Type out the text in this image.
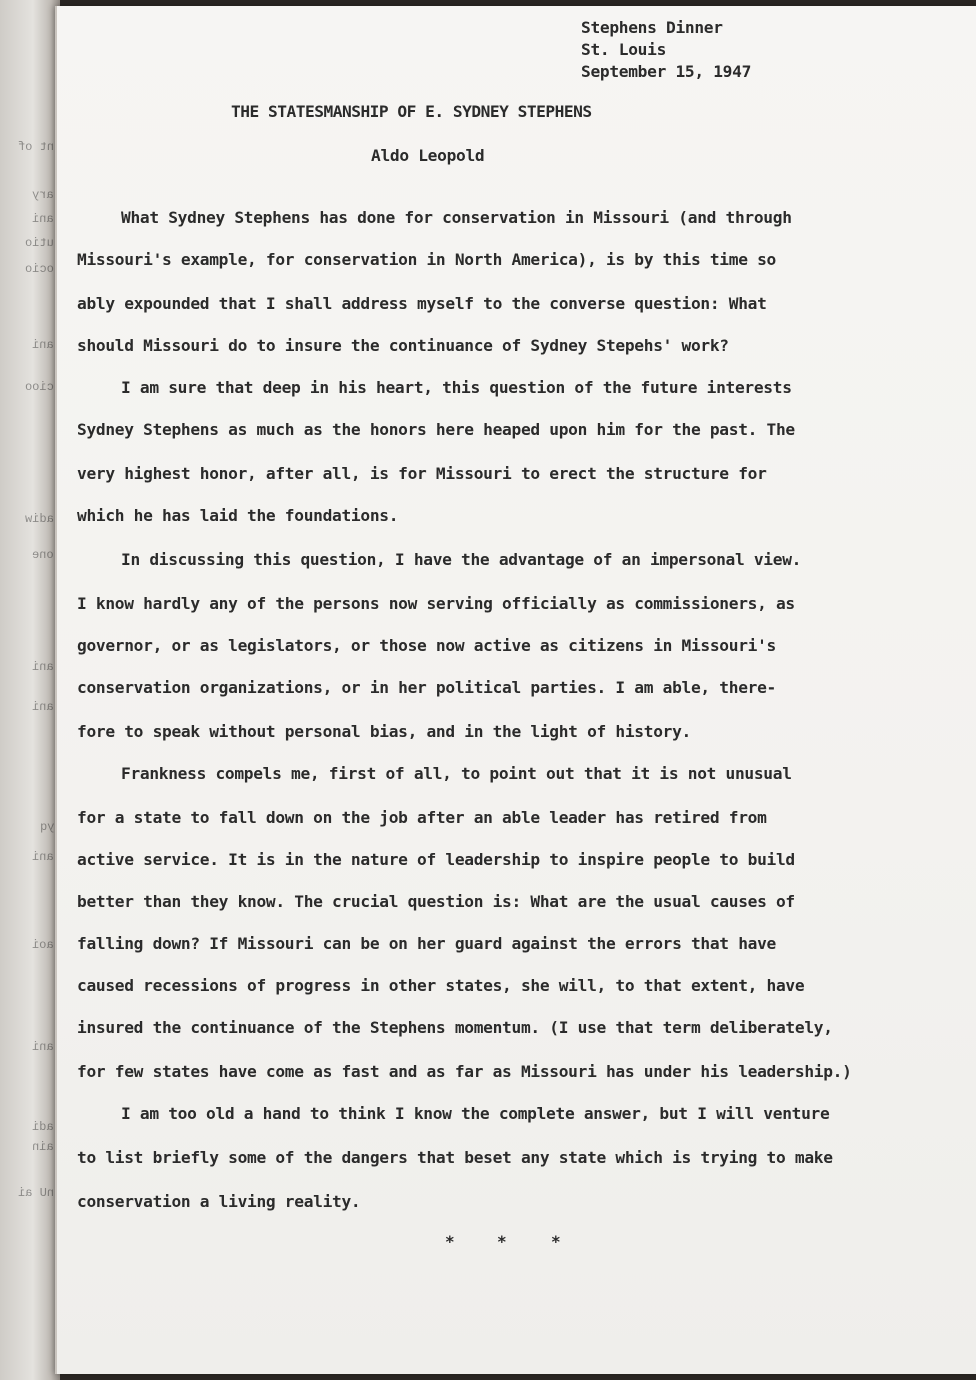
nt of
ary
ani
utio
ocio
ani
cioo
adiw
one
ani
ani
yq
ani
aoi
ani
adi
ain
nU ai
Stephens Dinner
St. Louis
September 15, 1947
THE STATESMANSHIP OF E. SYDNEY STEPHENS
Aldo Leopold
What Sydney Stephens has done for conservation in Missouri (and through
Missouri's example, for conservation in North America), is by this time so
ably expounded that I shall address myself to the converse question: What
should Missouri do to insure the continuance of Sydney Stepehs' work?
I am sure that deep in his heart, this question of the future interests
Sydney Stephens as much as the honors here heaped upon him for the past. The
very highest honor, after all, is for Missouri to erect the structure for
which he has laid the foundations.
In discussing this question, I have the advantage of an impersonal view.
I know hardly any of the persons now serving officially as commissioners, as
governor, or as legislators, or those now active as citizens in Missouri's
conservation organizations, or in her political parties. I am able, there-
fore to speak without personal bias, and in the light of history.
Frankness compels me, first of all, to point out that it is not unusual
for a state to fall down on the job after an able leader has retired from
active service. It is in the nature of leadership to inspire people to build
better than they know. The crucial question is: What are the usual causes of
falling down? If Missouri can be on her guard against the errors that have
caused recessions of progress in other states, she will, to that extent, have
insured the continuance of the Stephens momentum. (I use that term deliberately,
for few states have come as fast and as far as Missouri has under his leadership.)
I am too old a hand to think I know the complete answer, but I will venture
to list briefly some of the dangers that beset any state which is trying to make
conservation a living reality.
*	*	*
